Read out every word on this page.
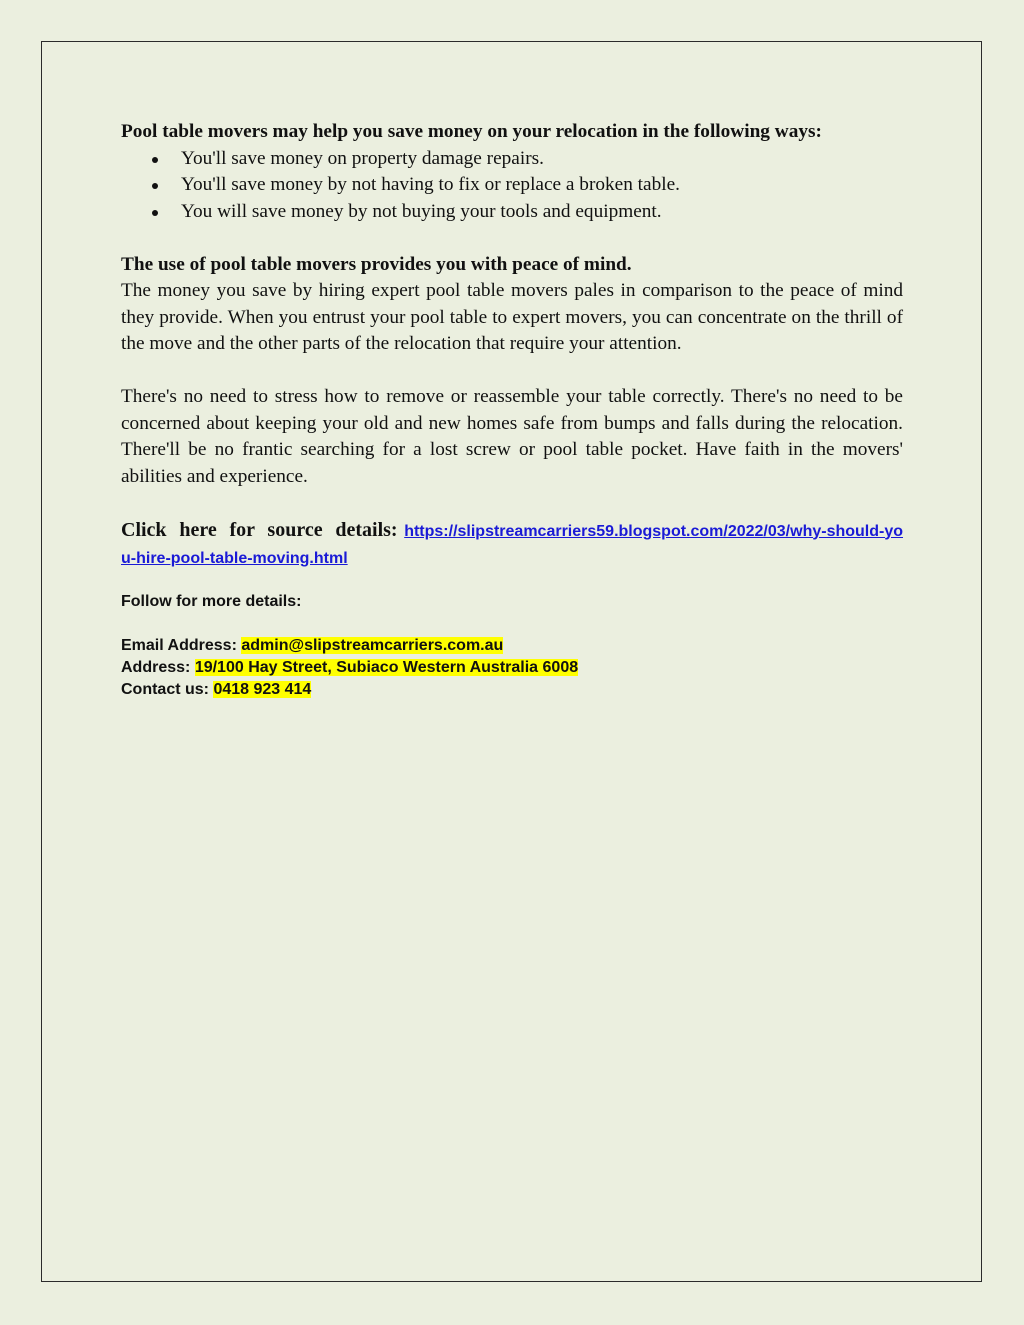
Pool table movers may help you save money on your relocation in the following ways:

You'll save money on property damage repairs.
You'll save money by not having to fix or replace a broken table.
You will save money by not buying your tools and equipment.

The use of pool table movers provides you with peace of mind.

The money you save by hiring expert pool table movers pales in comparison to the peace of mind they provide. When you entrust your pool table to expert movers, you can concentrate on the thrill of the move and the other parts of the relocation that require your attention.

There's no need to stress how to remove or reassemble your table correctly. There's no need to be concerned about keeping your old and new homes safe from bumps and falls during the relocation. There'll be no frantic searching for a lost screw or pool table pocket. Have faith in the movers' abilities and experience.

Click here for source details: https://slipstreamcarriers59.blogspot.com/2022/03/why-should-you-hire-pool-table-moving.html

Follow for more details:
Email Address: admin@slipstreamcarriers.com.au
Address: 19/100 Hay Street, Subiaco Western Australia 6008
Contact us: 0418 923 414
